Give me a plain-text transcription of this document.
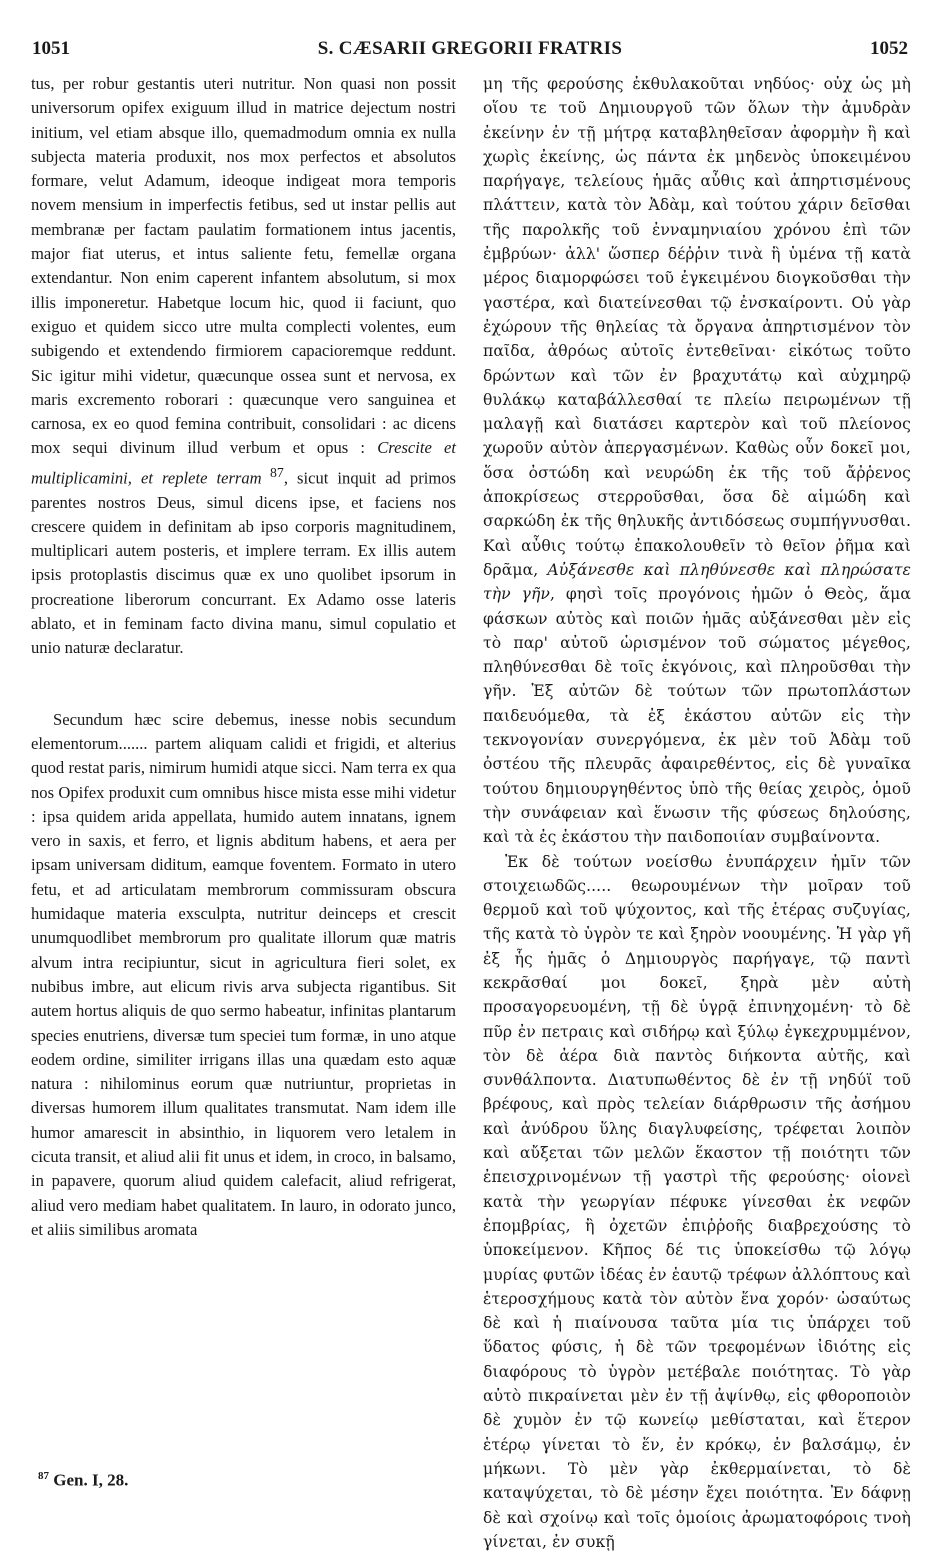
1051	S. CÆSARII GREGORII FRATRIS	1052

tus, per robur gestantis uteri nutritur. Non quasi non possit universorum opifex exiguum illud in matrice dejectum nostri initium, vel etiam absque illo, quemadmodum omnia ex nulla subjecta materia produxit, nos mox perfectos et absolutos formare, velut Adamum, ideoque indigeat mora temporis novem mensium in imperfectis fetibus, sed ut instar pellis aut membranæ per factam paulatim formationem intus jacentis, major fiat uterus, et intus saliente fetu, femellæ organa extendantur. Non enim caperent infantem absolutum, si mox illis imponeretur. Habetque locum hic, quod ii faciunt, quo exiguo et quidem sicco utre multa complecti volentes, eum subigendo et extendendo firmiorem capacioremque reddunt. Sic igitur mihi videtur, quæcunque ossea sunt et nervosa, ex maris excremento roborari : quæcunque vero sanguinea et carnosa, ex eo quod femina contribuit, consolidari : ac dicens mox sequi divinum illud verbum et opus : Crescite et multiplicamini, et replete terram $^{87}$, sicut inquit ad primos parentes nostros Deus, simul dicens ipse, et faciens nos crescere quidem in definitam ab ipso corporis magnitudinem, multiplicari autem posteris, et implere terram. Ex illis autem ipsis protoplastis discimus quæ ex uno quolibet ipsorum in procreatione liberorum concurrant. Ex Adamo osse lateris ablato, et in feminam facto divina manu, simul copulatio et unio naturæ declaratur.

Secundum hæc scire debemus, inesse nobis secundum elementorum....... partem aliquam calidi et frigidi, et alterius quod restat paris, nimirum humidi atque sicci. Nam terra ex qua nos Opifex produxit cum omnibus hisce mista esse mihi videtur : ipsa quidem arida appellata, humido autem innatans, ignem vero in saxis, et ferro, et lignis abditum habens, et aera per ipsam universam diditum, eamque foventem. Formato in utero fetu, et ad articulatam membrorum commissuram obscura humidaque materia exsculpta, nutritur deinceps et crescit unumquodlibet membrorum pro qualitate illorum quæ matris alvum intra recipiuntur, sicut in agricultura fieri solet, ex nubibus imbre, aut elicum rivis arva subjecta rigantibus. Sit autem hortus aliquis de quo sermo habeatur, infinitas plantarum species enutriens, diversæ tum speciei tum formæ, in uno atque eodem ordine, similiter irrigans illas una quædam esto aquæ natura : nihilominus eorum quæ nutriuntur, proprietas in diversas humorem illum qualitates transmutat. Nam idem ille humor amarescit in absinthio, in liquorem vero letalem in cicuta transit, et aliud alii fit unus et idem, in croco, in balsamo, in papavere, quorum aliud quidem calefacit, aliud refrigerat, aliud vero mediam habet qualitatem. In lauro, in odorato junco, et aliis similibus aromata

μη τῆς φερούσης ἐκθυλακοῦται νηδύος· οὐχ ὡς μὴ οἵου τε τοῦ Δημιουργοῦ τῶν ὅλων τὴν ἀμυδρὰν ἐκείνην ἐν τῇ μήτρᾳ καταβληθεῖσαν ἀφορμὴν ἢ καὶ χωρὶς ἐκείνης, ὡς πάντα ἐκ μηδενὸς ὑποκειμένου παρήγαγε, τελείους ἡμᾶς αὖθις καὶ ἀπηρτισμένους πλάττειν, κατὰ τὸν Ἀδὰμ, καὶ τούτου χάριν δεῖσθαι τῆς παρολκῆς τοῦ ἐνναμηνιαίου χρόνου ἐπὶ τῶν ἐμβρύων· ἀλλ' ὥσπερ δέῤῥιν τινὰ ἢ ὑμένα τῇ κατὰ μέρος διαμορφώσει τοῦ ἐγκειμένου διογκοῦσθαι τὴν γαστέρα, καὶ διατείνεσθαι τῷ ἐνσκαίροντι. Οὐ γὰρ ἐχώρουν τῆς θηλείας τὰ ὄργανα ἀπηρτισμένον τὸν παῖδα, ἀθρόως αὐτοῖς ἐντεθεῖναι· εἰκότως τοῦτο δρώντων καὶ τῶν ἐν βραχυτάτῳ καὶ αὐχμηρῷ θυλάκῳ καταβάλλεσθαί τε πλείω πειρωμένων τῇ μαλαγῇ καὶ διατάσει καρτερὸν καὶ τοῦ πλείονος χωροῦν αὐτὸν ἀπεργασμένων. Καθὼς οὖν δοκεῖ μοι, ὅσα ὀστώδη καὶ νευρώδη ἐκ τῆς τοῦ ἄῤῥενος ἀποκρίσεως στερροῦσθαι, ὅσα δὲ αἱμώδη καὶ σαρκώδη ἐκ τῆς θηλυκῆς ἀντιδόσεως συμπήγνυσθαι. Καὶ αὖθις τούτῳ ἐπακολουθεῖν τὸ θεῖον ῥῆμα καὶ δρᾶμα, Αὐξάνεσθε καὶ πληθύνεσθε καὶ πληρώσατε τὴν γῆν, φησὶ τοῖς προγόνοις ἡμῶν ὁ Θεὸς, ἅμα φάσκων αὐτὸς καὶ ποιῶν ἡμᾶς αὐξάνεσθαι μὲν εἰς τὸ παρ' αὐτοῦ ὡρισμένον τοῦ σώματος μέγεθος, πληθύνεσθαι δὲ τοῖς ἐκγόνοις, καὶ πληροῦσθαι τὴν γῆν. Ἐξ αὐτῶν δὲ τούτων τῶν πρωτοπλάστων παιδευόμεθα, τὰ ἐξ ἑκάστου αὐτῶν εἰς τὴν τεκνογονίαν συνεργόμενα, ἐκ μὲν τοῦ Ἀδὰμ τοῦ ὀστέου τῆς πλευρᾶς ἀφαιρεθέντος, εἰς δὲ γυναῖκα τούτου δημιουργηθέντος ὑπὸ τῆς θείας χειρὸς, ὁμοῦ τὴν συνάφειαν καὶ ἕνωσιν τῆς φύσεως δηλούσης, καὶ τὰ ἐς ἑκάστου τὴν παιδοποιίαν συμβαίνοντα.

Ἐκ δὲ τούτων νοείσθω ἐνυπάρχειν ἡμῖν τῶν στοιχειωδῶς..... θεωρουμένων τὴν μοῖραν τοῦ θερμοῦ καὶ τοῦ ψύχοντος, καὶ τῆς ἑτέρας συζυγίας, τῆς κατὰ τὸ ὑγρὸν τε καὶ ξηρὸν νοουμένης. Ἡ γὰρ γῆ ἐξ ἧς ἡμᾶς ὁ Δημιουργὸς παρήγαγε, τῷ παντὶ κεκρᾶσθαί μοι δοκεῖ, ξηρὰ μὲν αὐτὴ προσαγορευομένη, τῇ δὲ ὑγρᾷ ἐπινηχομένη· τὸ δὲ πῦρ ἐν πετραις καὶ σιδήρῳ καὶ ξύλῳ ἐγκεχρυμμένον, τὸν δὲ ἀέρα διὰ παντὸς διήκοντα αὐτῆς, καὶ συνθάλποντα. Διατυπωθέντος δὲ ἐν τῇ νηδύϊ τοῦ βρέφους, καὶ πρὸς τελείαν διάρθρωσιν τῆς ἀσήμου καὶ ἀνύδρου ὕλης διαγλυφείσης, τρέφεται λοιπὸν καὶ αὔξεται τῶν μελῶν ἕκαστον τῇ ποιότητι τῶν ἐπεισχρινομένων τῇ γαστρὶ τῆς φερούσης· οἱονεὶ κατὰ τὴν γεωργίαν πέφυκε γίνεσθαι ἐκ νεφῶν ἐπομβρίας, ἢ ὀχετῶν ἐπιῤῥοῆς διαβρεχούσης τὸ ὑποκείμενον. Κῆπος δέ τις ὑποκείσθω τῷ λόγῳ μυρίας φυτῶν ἰδέας ἐν ἑαυτῷ τρέφων ἀλλόπτους καὶ ἑτεροσχήμους κατὰ τὸν αὐτὸν ἕνα χορόν· ὡσαύτως δὲ καὶ ἡ πιαίνουσα ταῦτα μία τις ὑπάρχει τοῦ ὕδατος φύσις, ἡ δὲ τῶν τρεφομένων ἰδιότης εἰς διαφόρους τὸ ὑγρὸν μετέβαλε ποιότητας. Τὸ γὰρ αὐτὸ πικραίνεται μὲν ἐν τῇ ἀψίνθῳ, εἰς φθοροποιὸν δὲ χυμὸν ἐν τῷ κωνείῳ μεθίσταται, καὶ ἕτερον ἑτέρῳ γίνεται τὸ ἕν, ἐν κρόκῳ, ἐν βαλσάμῳ, ἐν μήκωνι. Τὸ μὲν γὰρ ἐκθερμαίνεται, τὸ δὲ καταψύχεται, τὸ δὲ μέσην ἔχει ποιότητα. Ἐν δάφνῃ δὲ καὶ σχοίνῳ καὶ τοῖς ὁμοίοις ἀρωματοφόροις τνοὴ γίνεται, ἐν συκῇ

$^{87}$ Gen. I, 28.
